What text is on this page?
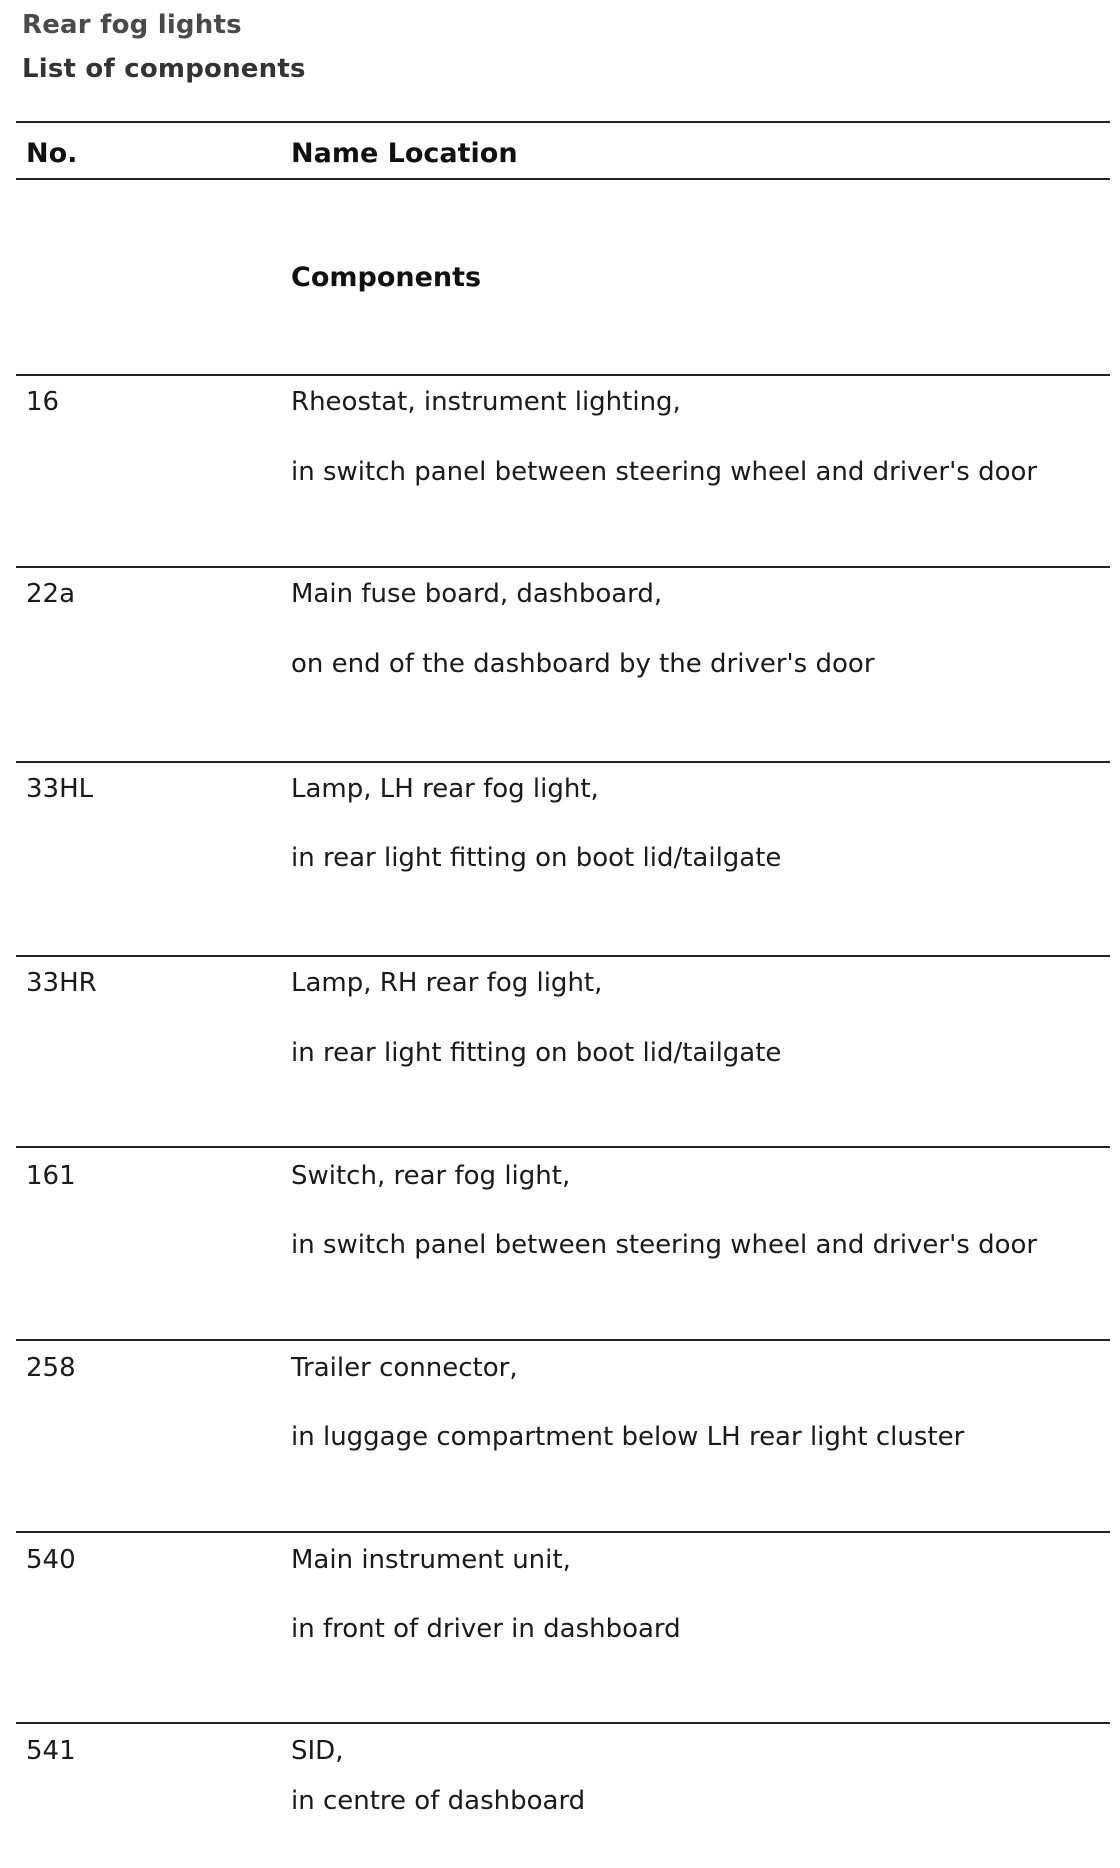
Rear fog lights
List of components
No.	Name Location
Components
16	Rheostat, instrument lighting,
in switch panel between steering wheel and driver's door
22a	Main fuse board, dashboard,
on end of the dashboard by the driver's door
33HL	Lamp, LH rear fog light,
in rear light fitting on boot lid/tailgate
33HR	Lamp, RH rear fog light,
in rear light fitting on boot lid/tailgate
161	Switch, rear fog light,
in switch panel between steering wheel and driver's door
258	Trailer connector,
in luggage compartment below LH rear light cluster
540	Main instrument unit,
in front of driver in dashboard
541	SID,
in centre of dashboard
